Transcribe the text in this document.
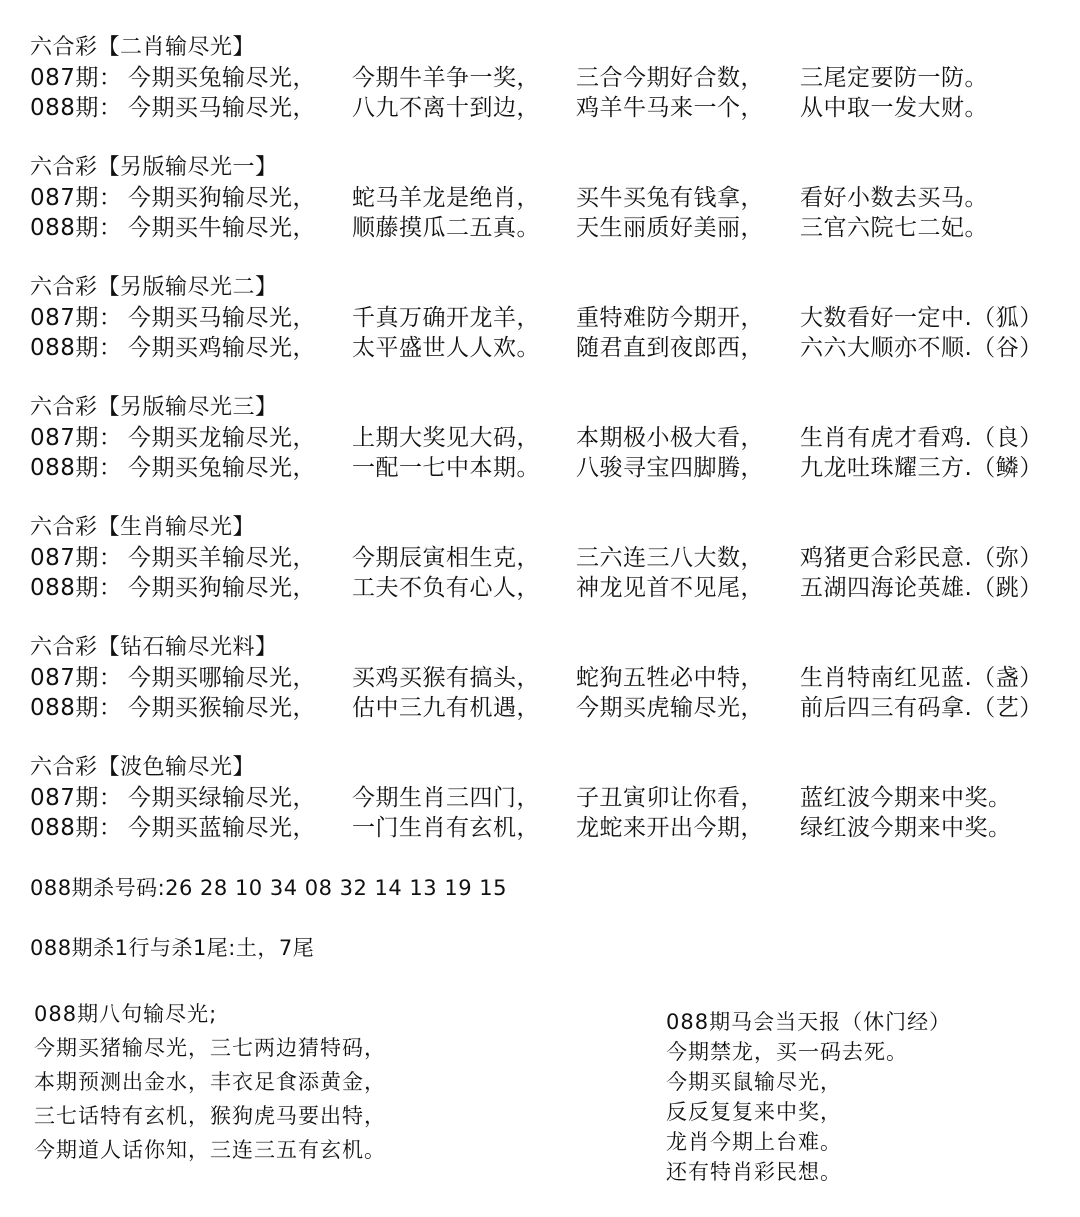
六合彩【二肖输尽光】
087期： 今期买兔输尽光，	今期牛羊争一奖，	三合今期好合数，	三尾定要防一防。
088期： 今期买马输尽光，	八九不离十到边，	鸡羊牛马来一个，	从中取一发大财。
六合彩【另版输尽光一】
087期： 今期买狗输尽光，	蛇马羊龙是绝肖，	买牛买兔有钱拿，	看好小数去买马。
088期： 今期买牛输尽光，	顺藤摸瓜二五真。	天生丽质好美丽，	三官六院七二妃。
六合彩【另版输尽光二】
087期： 今期买马输尽光，	千真万确开龙羊，	重特难防今期开，	大数看好一定中.（狐）
088期： 今期买鸡输尽光，	太平盛世人人欢。	随君直到夜郎西，	六六大顺亦不顺.（谷）
六合彩【另版输尽光三】
087期： 今期买龙输尽光，	上期大奖见大码，	本期极小极大看，	生肖有虎才看鸡.（良）
088期： 今期买兔输尽光，	一配一七中本期。	八骏寻宝四脚腾，	九龙吐珠耀三方.（鳞）
六合彩【生肖输尽光】
087期： 今期买羊输尽光，	今期辰寅相生克，	三六连三八大数，	鸡猪更合彩民意.（弥）
088期： 今期买狗输尽光，	工夫不负有心人，	神龙见首不见尾，	五湖四海论英雄.（跳）
六合彩【钻石输尽光料】
087期： 今期买哪输尽光，	买鸡买猴有搞头，	蛇狗五牲必中特，	生肖特南红见蓝.（盏）
088期： 今期买猴输尽光，	估中三九有机遇，	今期买虎输尽光，	前后四三有码拿.（艺）
六合彩【波色输尽光】
087期： 今期买绿输尽光，	今期生肖三四门，	子丑寅卯让你看，	蓝红波今期来中奖。
088期： 今期买蓝输尽光，	一门生肖有玄机，	龙蛇来开出今期，	绿红波今期来中奖。
088期杀号码:26 28 10 34 08 32 14 13 19 15
088期杀1行与杀1尾:土，7尾
088期八句输尽光;
今期买猪输尽光，三七两边猜特码，
本期预测出金水，丰衣足食添黄金，
三七话特有玄机，猴狗虎马要出特，
今期道人话你知，三连三五有玄机。
088期马会当天报（休门经）
今期禁龙，买一码去死。
今期买鼠输尽光，
反反复复来中奖，
龙肖今期上台难。
还有特肖彩民想。
